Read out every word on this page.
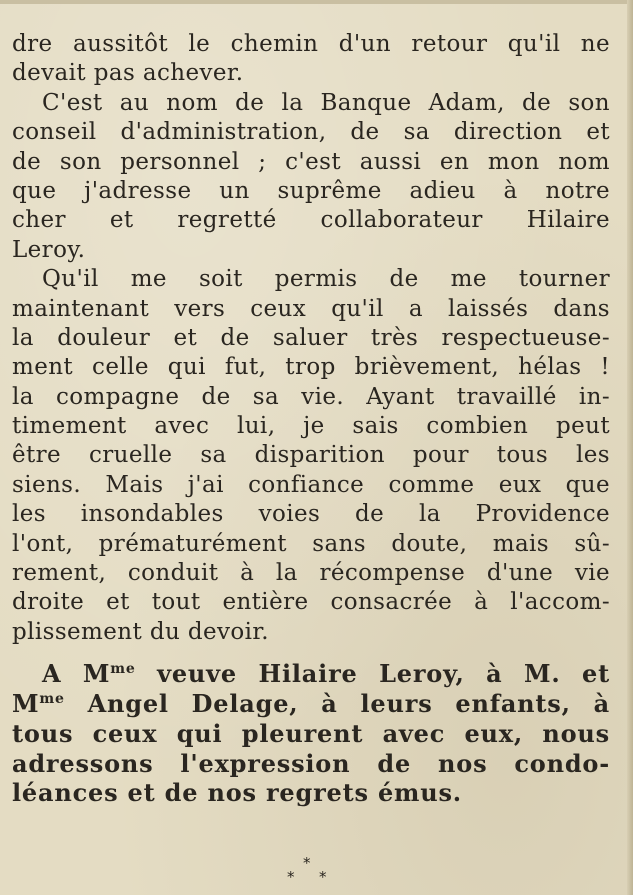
dre aussitôt le chemin d'un retour qu'il ne
devait pas achever.
C'est au nom de la Banque Adam, de son
conseil d'administration, de sa direction et
de son personnel ; c'est aussi en mon nom
que j'adresse un suprême adieu à notre
cher et regretté collaborateur Hilaire
Leroy.
Qu'il me soit permis de me tourner
maintenant vers ceux qu'il a laissés dans
la douleur et de saluer très respectueuse-
ment celle qui fut, trop brièvement, hélas !
la compagne de sa vie. Ayant travaillé in-
timement avec lui, je sais combien peut
être cruelle sa disparition pour tous les
siens. Mais j'ai confiance comme eux que
les insondables voies de la Providence
l'ont, prématurément sans doute, mais sû-
rement, conduit à la récompense d'une vie
droite et tout entière consacrée à l'accom-
plissement du devoir.
A $M^{me}$ veuve Hilaire Leroy, à M. et
$M^{me}$ Angel Delage, à leurs enfants, à
tous ceux qui pleurent avec eux, nous
adressons l'expression de nos condo-
léances et de nos regrets émus.
*
* *
